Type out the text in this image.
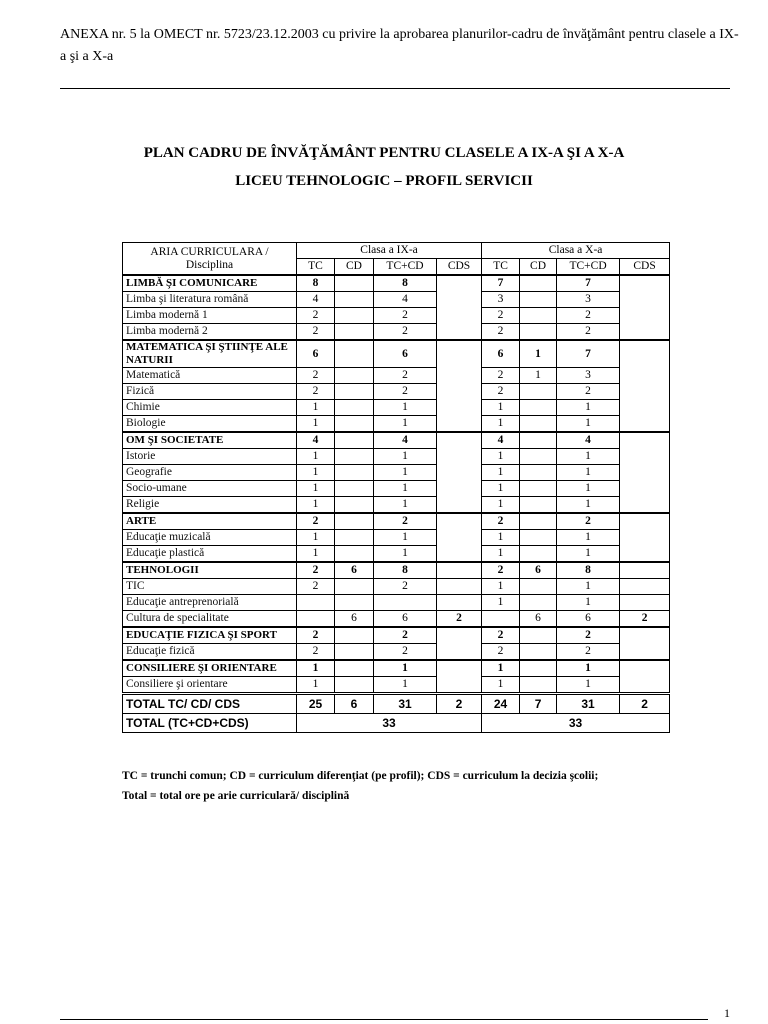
ANEXA nr. 5 la OMECT nr. 5723/23.12.2003 cu privire la aprobarea planurilor-cadru de învăţământ pentru clasele a IX-a şi a X-a
PLAN CADRU DE ÎNVĂŢĂMÂNT PENTRU CLASELE A IX-A ŞI A X-A
LICEU TEHNOLOGIC – PROFIL SERVICII
ARIA CURRICULARA / Disciplina	Clasa a IX-a				Clasa a X-a			
	TC	CD	TC+CD	CDS	TC	CD	TC+CD	CDS
LIMBĂ ŞI COMUNICARE	8		8		7		7	
Limba şi literatura română	4		4		3		3	
Limba modernă 1	2		2		2		2	
Limba modernă 2	2		2		2		2	
MATEMATICA ŞI ŞTIINŢE ALE NATURII	6		6		6	1	7	
Matematică	2		2		2	1	3	
Fizică	2		2		2		2	
Chimie	1		1		1		1	
Biologie	1		1		1		1	
OM ŞI SOCIETATE	4		4		4		4	
Istorie	1		1		1		1	
Geografie	1		1		1		1	
Socio-umane	1		1		1		1	
Religie	1		1		1		1	
ARTE	2		2		2		2	
Educaţie muzicală	1		1		1		1	
Educaţie plastică	1		1		1		1	
TEHNOLOGII	2	6	8		2	6	8	
TIC	2		2		1		1	
Educaţie antreprenorială					1		1	
Cultura de specialitate		6	6	2		6	6	2
EDUCAŢIE FIZICA ŞI SPORT	2		2		2		2	
Educaţie fizică	2		2		2		2	
CONSILIERE ŞI ORIENTARE	1		1		1		1	
Consiliere şi orientare	1		1		1		1	
TOTAL TC/ CD/ CDS	25	6	31	2	24	7	31	2
TOTAL (TC+CD+CDS)	33				33			
TC = trunchi comun; CD = curriculum diferenţiat (pe profil); CDS = curriculum la decizia şcolii;
Total = total ore pe arie curriculară/ disciplină
1
